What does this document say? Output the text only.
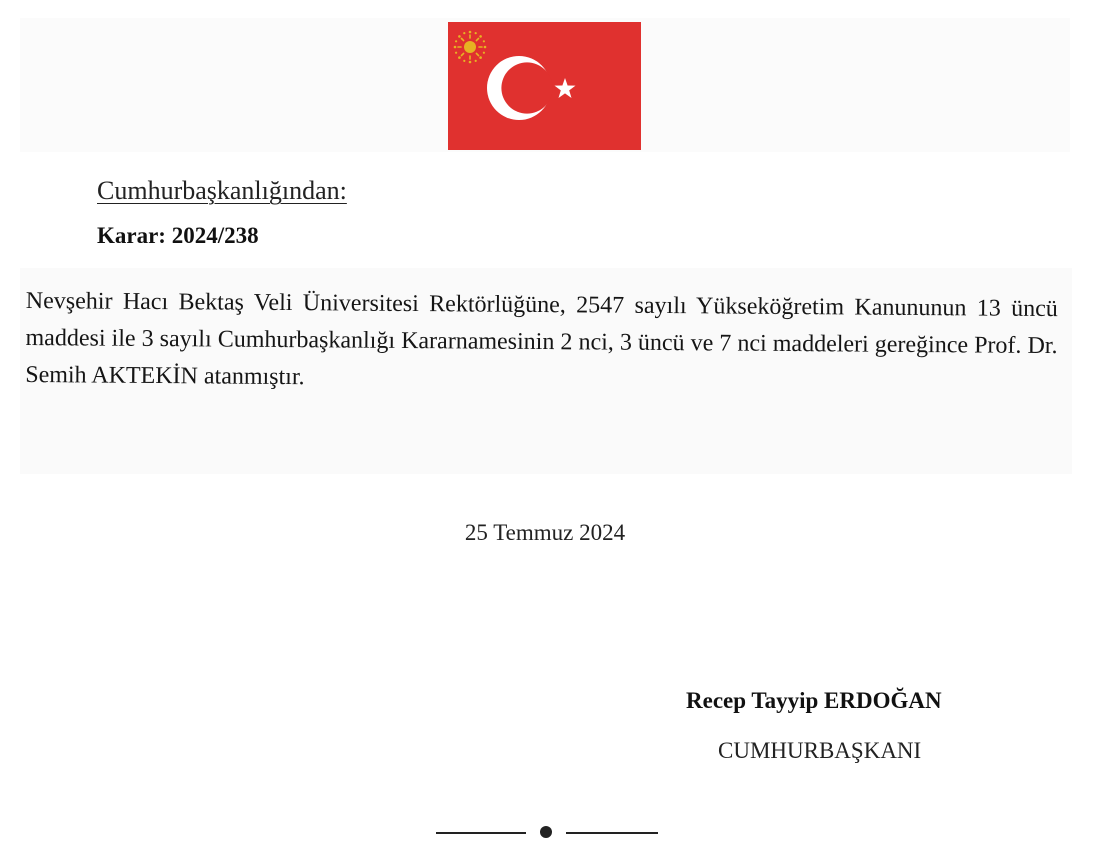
Cumhurbaşkanlığından:
Karar: 2024/238

Nevşehir Hacı Bektaş Veli Üniversitesi Rektörlüğüne, 2547 sayılı Yükseköğretim Kanununun 13 üncü maddesi ile 3 sayılı Cumhurbaşkanlığı Kararnamesinin 2 nci, 3 üncü ve 7 nci maddeleri gereğince Prof. Dr. Semih AKTEKİN atanmıştır.

25 Temmuz 2024
Recep Tayyip ERDOĞAN
CUMHURBAŞKANI
